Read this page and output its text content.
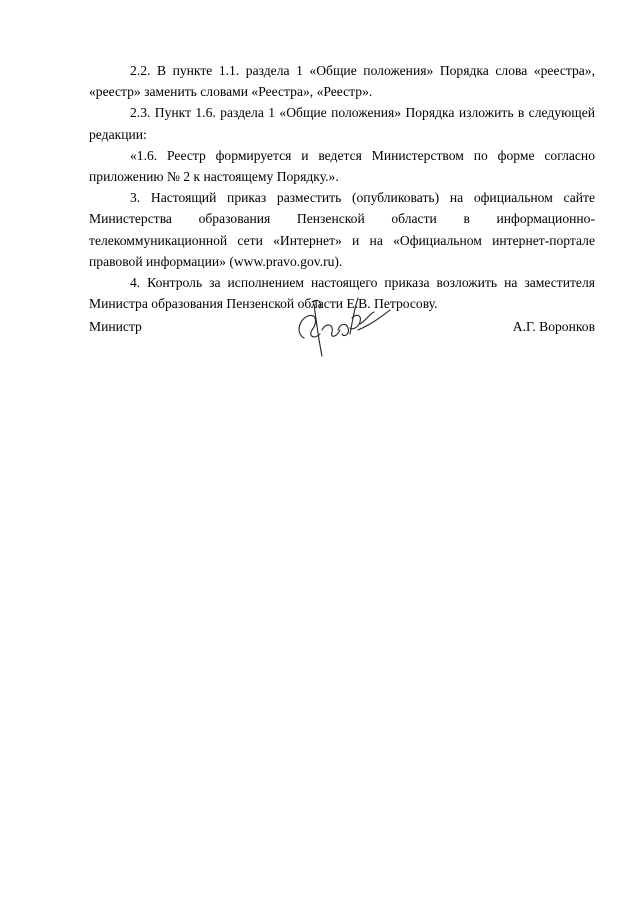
2.2. В пункте 1.1. раздела 1 «Общие положения» Порядка слова «реестра», «реестр» заменить словами «Реестра», «Реестр».

2.3. Пункт 1.6. раздела 1 «Общие положения» Порядка изложить в следующей редакции:

«1.6. Реестр формируется и ведется Министерством по форме согласно приложению № 2 к настоящему Порядку.».

3. Настоящий приказ разместить (опубликовать) на официальном сайте Министерства образования Пензенской области в информационно-телекоммуникационной сети «Интернет» и на «Официальном интернет-портале правовой информации» (www.pravo.gov.ru).

4. Контроль за исполнением настоящего приказа возложить на заместителя Министра образования Пензенской области Е.В. Петросову.

Министр	А.Г. Воронков
